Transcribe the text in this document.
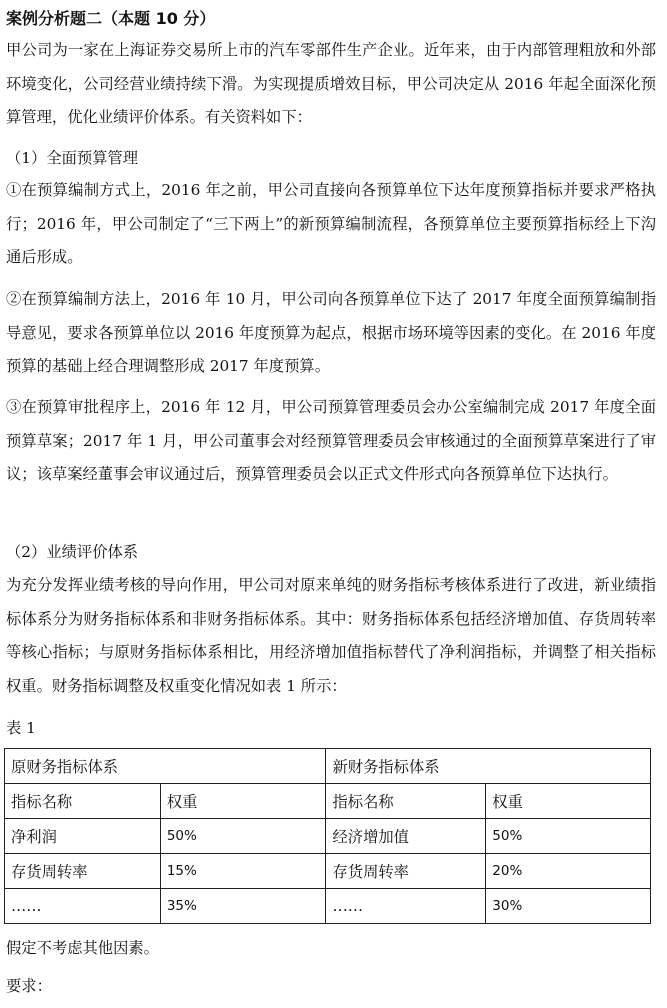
案例分析题二（本题 10 分）

甲公司为一家在上海证券交易所上市的汽车零部件生产企业。近年来，由于内部管理粗放和外部环境变化，公司经营业绩持续下滑。为实现提质增效目标，甲公司决定从 2016 年起全面深化预算管理，优化业绩评价体系。有关资料如下：

（1）全面预算管理

①在预算编制方式上，2016 年之前，甲公司直接向各预算单位下达年度预算指标并要求严格执行；2016 年，甲公司制定了“三下两上”的新预算编制流程，各预算单位主要预算指标经上下沟通后形成。

②在预算编制方法上，2016 年 10 月，甲公司向各预算单位下达了 2017 年度全面预算编制指导意见，要求各预算单位以 2016 年度预算为起点，根据市场环境等因素的变化。在 2016 年度预算的基础上经合理调整形成 2017 年度预算。

③在预算审批程序上，2016 年 12 月，甲公司预算管理委员会办公室编制完成 2017 年度全面预算草案；2017 年 1 月，甲公司董事会对经预算管理委员会审核通过的全面预算草案进行了审议；该草案经董事会审议通过后，预算管理委员会以正式文件形式向各预算单位下达执行。

（2）业绩评价体系

为充分发挥业绩考核的导向作用，甲公司对原来单纯的财务指标考核体系进行了改进，新业绩指标体系分为财务指标体系和非财务指标体系。其中：财务指标体系包括经济增加值、存货周转率等核心指标；与原财务指标体系相比，用经济增加值指标替代了净利润指标，并调整了相关指标权重。财务指标调整及权重变化情况如表 1 所示：

表 1
原财务指标体系		新财务指标体系	
指标名称	权重	指标名称	权重
净利润	50%	经济增加值	50%
存货周转率	15%	存货周转率	20%
……	35%	……	30%
假定不考虑其他因素。
要求：
